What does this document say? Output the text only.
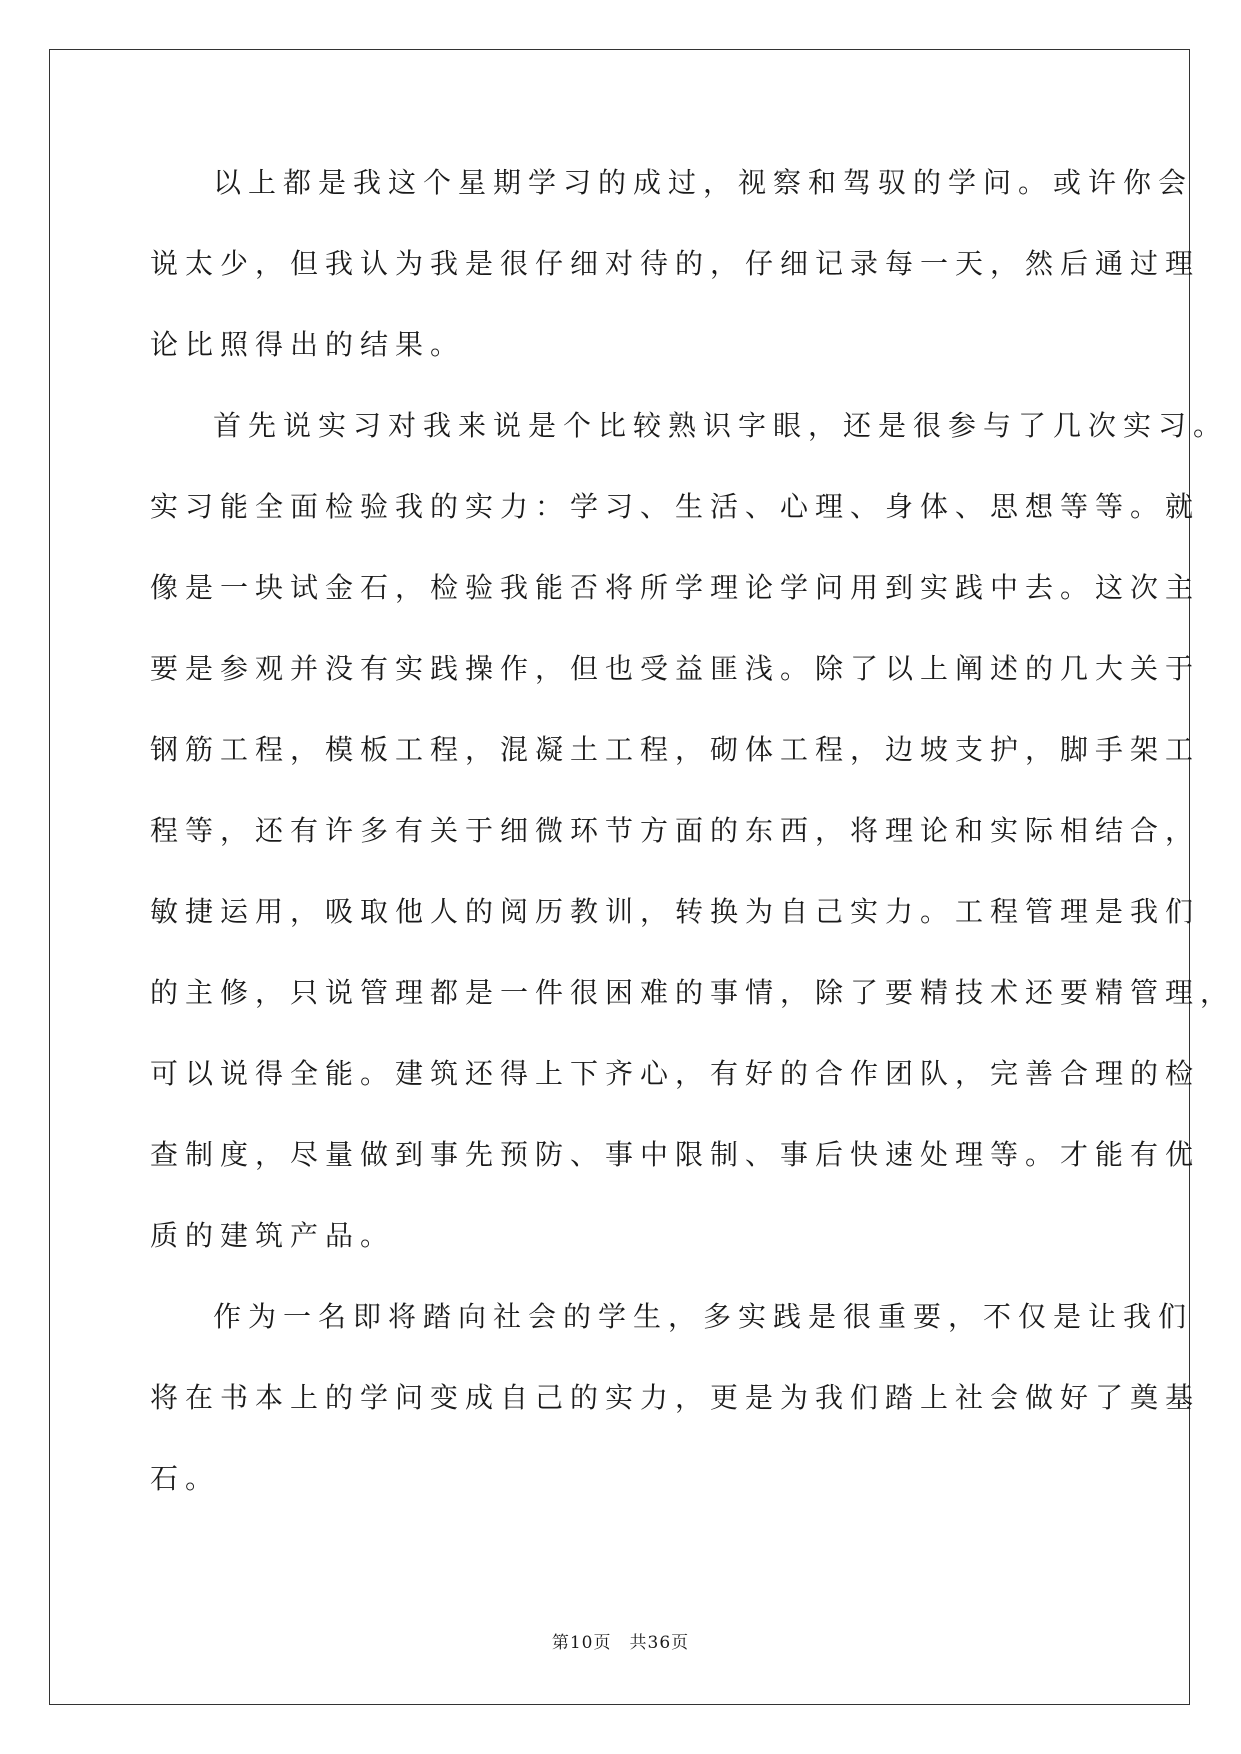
以上都是我这个星期学习的成过，视察和驾驭的学问。或许你会
说太少，但我认为我是很仔细对待的，仔细记录每一天，然后通过理
论比照得出的结果。
首先说实习对我来说是个比较熟识字眼，还是很参与了几次实习。
实习能全面检验我的实力：学习、生活、心理、身体、思想等等。就
像是一块试金石，检验我能否将所学理论学问用到实践中去。这次主
要是参观并没有实践操作，但也受益匪浅。除了以上阐述的几大关于
钢筋工程，模板工程，混凝土工程，砌体工程，边坡支护，脚手架工
程等，还有许多有关于细微环节方面的东西，将理论和实际相结合，
敏捷运用，吸取他人的阅历教训，转换为自己实力。工程管理是我们
的主修，只说管理都是一件很困难的事情，除了要精技术还要精管理，
可以说得全能。建筑还得上下齐心，有好的合作团队，完善合理的检
查制度，尽量做到事先预防、事中限制、事后快速处理等。才能有优
质的建筑产品。
作为一名即将踏向社会的学生，多实践是很重要，不仅是让我们
将在书本上的学问变成自己的实力，更是为我们踏上社会做好了奠基
石。
第10页 共36页
